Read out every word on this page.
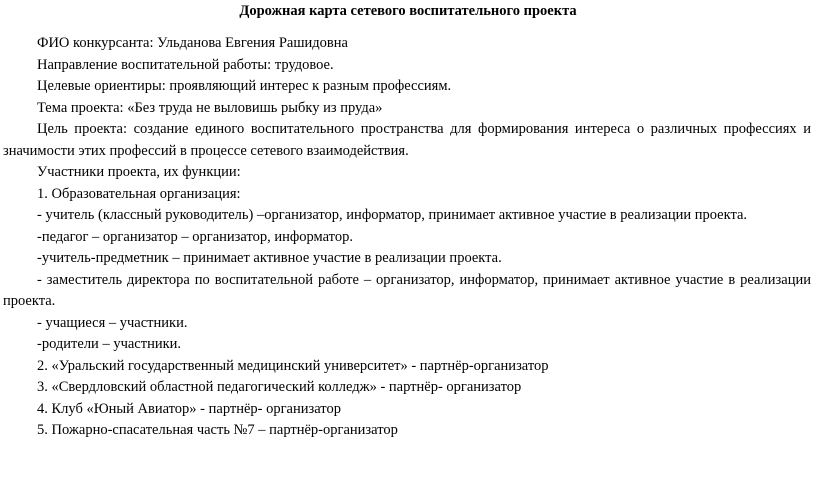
Дорожная карта сетевого воспитательного проекта

ФИО конкурсанта: Ульданова Евгения Рашидовна

Направление воспитательной работы: трудовое.

Целевые ориентиры: проявляющий интерес к разным профессиям.

Тема проекта: «Без труда не выловишь рыбку из пруда»

Цель проекта: создание единого воспитательного пространства для формирования интереса о различных профессиях и значимости этих профессий в процессе сетевого взаимодействия.

Участники проекта, их функции:

1. Образовательная организация:

- учитель (классный руководитель) –организатор, информатор, принимает активное участие в реализации проекта.

-педагог – организатор – организатор, информатор.

-учитель-предметник – принимает активное участие в реализации проекта.

- заместитель директора по воспитательной работе – организатор, информатор, принимает активное участие в реализации проекта.

- учащиеся – участники.

-родители – участники.

2. «Уральский государственный медицинский университет» - партнёр-организатор

3. «Свердловский областной педагогический колледж» - партнёр- организатор

4. Клуб «Юный Авиатор» - партнёр- организатор

5. Пожарно-спасательная часть №7 – партнёр-организатор
